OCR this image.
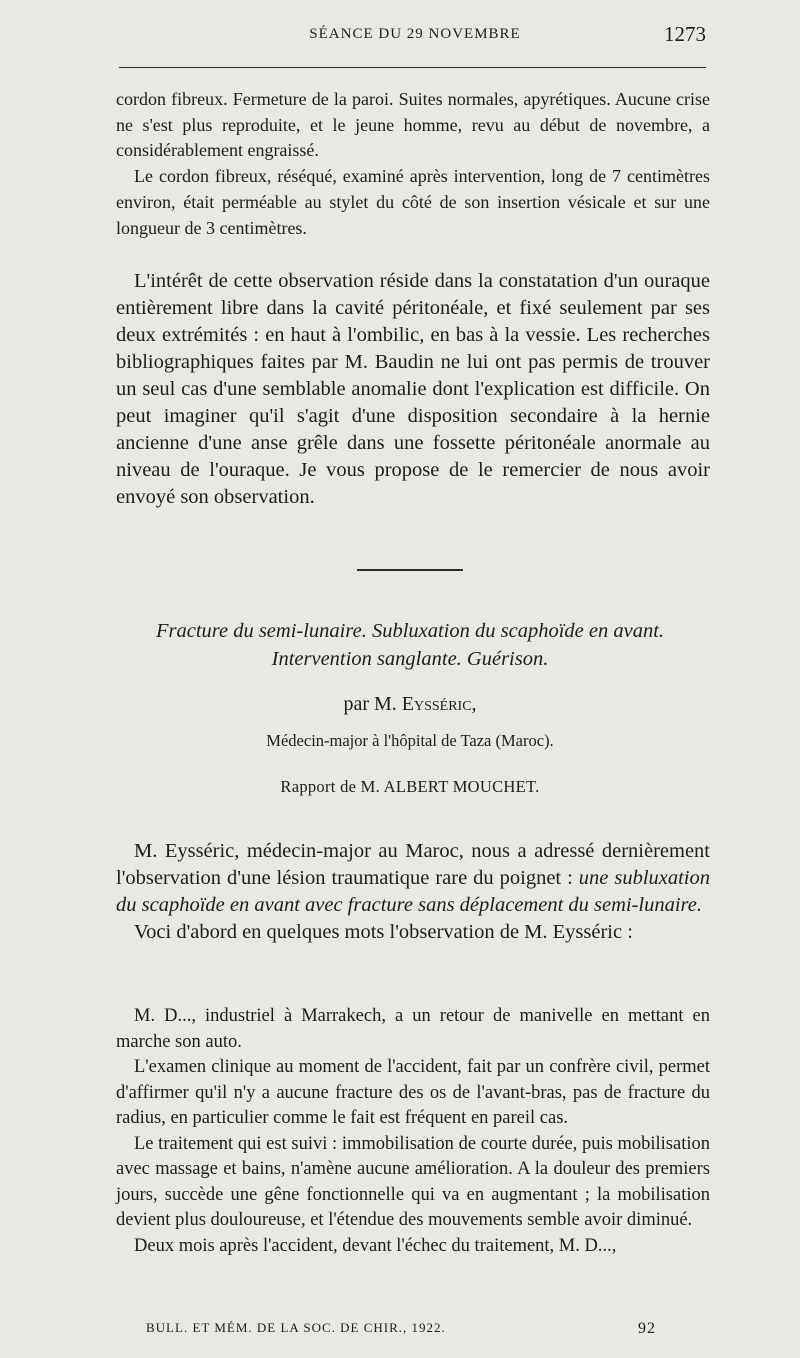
SÉANCE DU 29 NOVEMBRE	1273

cordon fibreux. Fermeture de la paroi. Suites normales, apyrétiques. Aucune crise ne s'est plus reproduite, et le jeune homme, revu au début de novembre, a considérablement engraissé.

Le cordon fibreux, réséqué, examiné après intervention, long de 7 centimètres environ, était perméable au stylet du côté de son insertion vésicale et sur une longueur de 3 centimètres.

L'intérêt de cette observation réside dans la constatation d'un ouraque entièrement libre dans la cavité péritonéale, et fixé seulement par ses deux extrémités : en haut à l'ombilic, en bas à la vessie. Les recherches bibliographiques faites par M. Baudin ne lui ont pas permis de trouver un seul cas d'une semblable anomalie dont l'explication est difficile. On peut imaginer qu'il s'agit d'une disposition secondaire à la hernie ancienne d'une anse grêle dans une fossette péritonéale anormale au niveau de l'ouraque. Je vous propose de le remercier de nous avoir envoyé son observation.

Fracture du semi-lunaire. Subluxation du scaphoïde en avant.
Intervention sanglante. Guérison.
par M. Eysséric,
Médecin-major à l'hôpital de Taza (Maroc).
Rapport de M. ALBERT MOUCHET.

M. Eysséric, médecin-major au Maroc, nous a adressé dernièrement l'observation d'une lésion traumatique rare du poignet : une subluxation du scaphoïde en avant avec fracture sans déplacement du semi-lunaire.

Voci d'abord en quelques mots l'observation de M. Eysséric :

M. D..., industriel à Marrakech, a un retour de manivelle en mettant en marche son auto.

L'examen clinique au moment de l'accident, fait par un confrère civil, permet d'affirmer qu'il n'y a aucune fracture des os de l'avant-bras, pas de fracture du radius, en particulier comme le fait est fréquent en pareil cas.

Le traitement qui est suivi : immobilisation de courte durée, puis mobilisation avec massage et bains, n'amène aucune amélioration. A la douleur des premiers jours, succède une gêne fonctionnelle qui va en augmentant ; la mobilisation devient plus douloureuse, et l'étendue des mouvements semble avoir diminué.

Deux mois après l'accident, devant l'échec du traitement, M. D...,

BULL. ET MÉM. DE LA SOC. DE CHIR., 1922.	92
